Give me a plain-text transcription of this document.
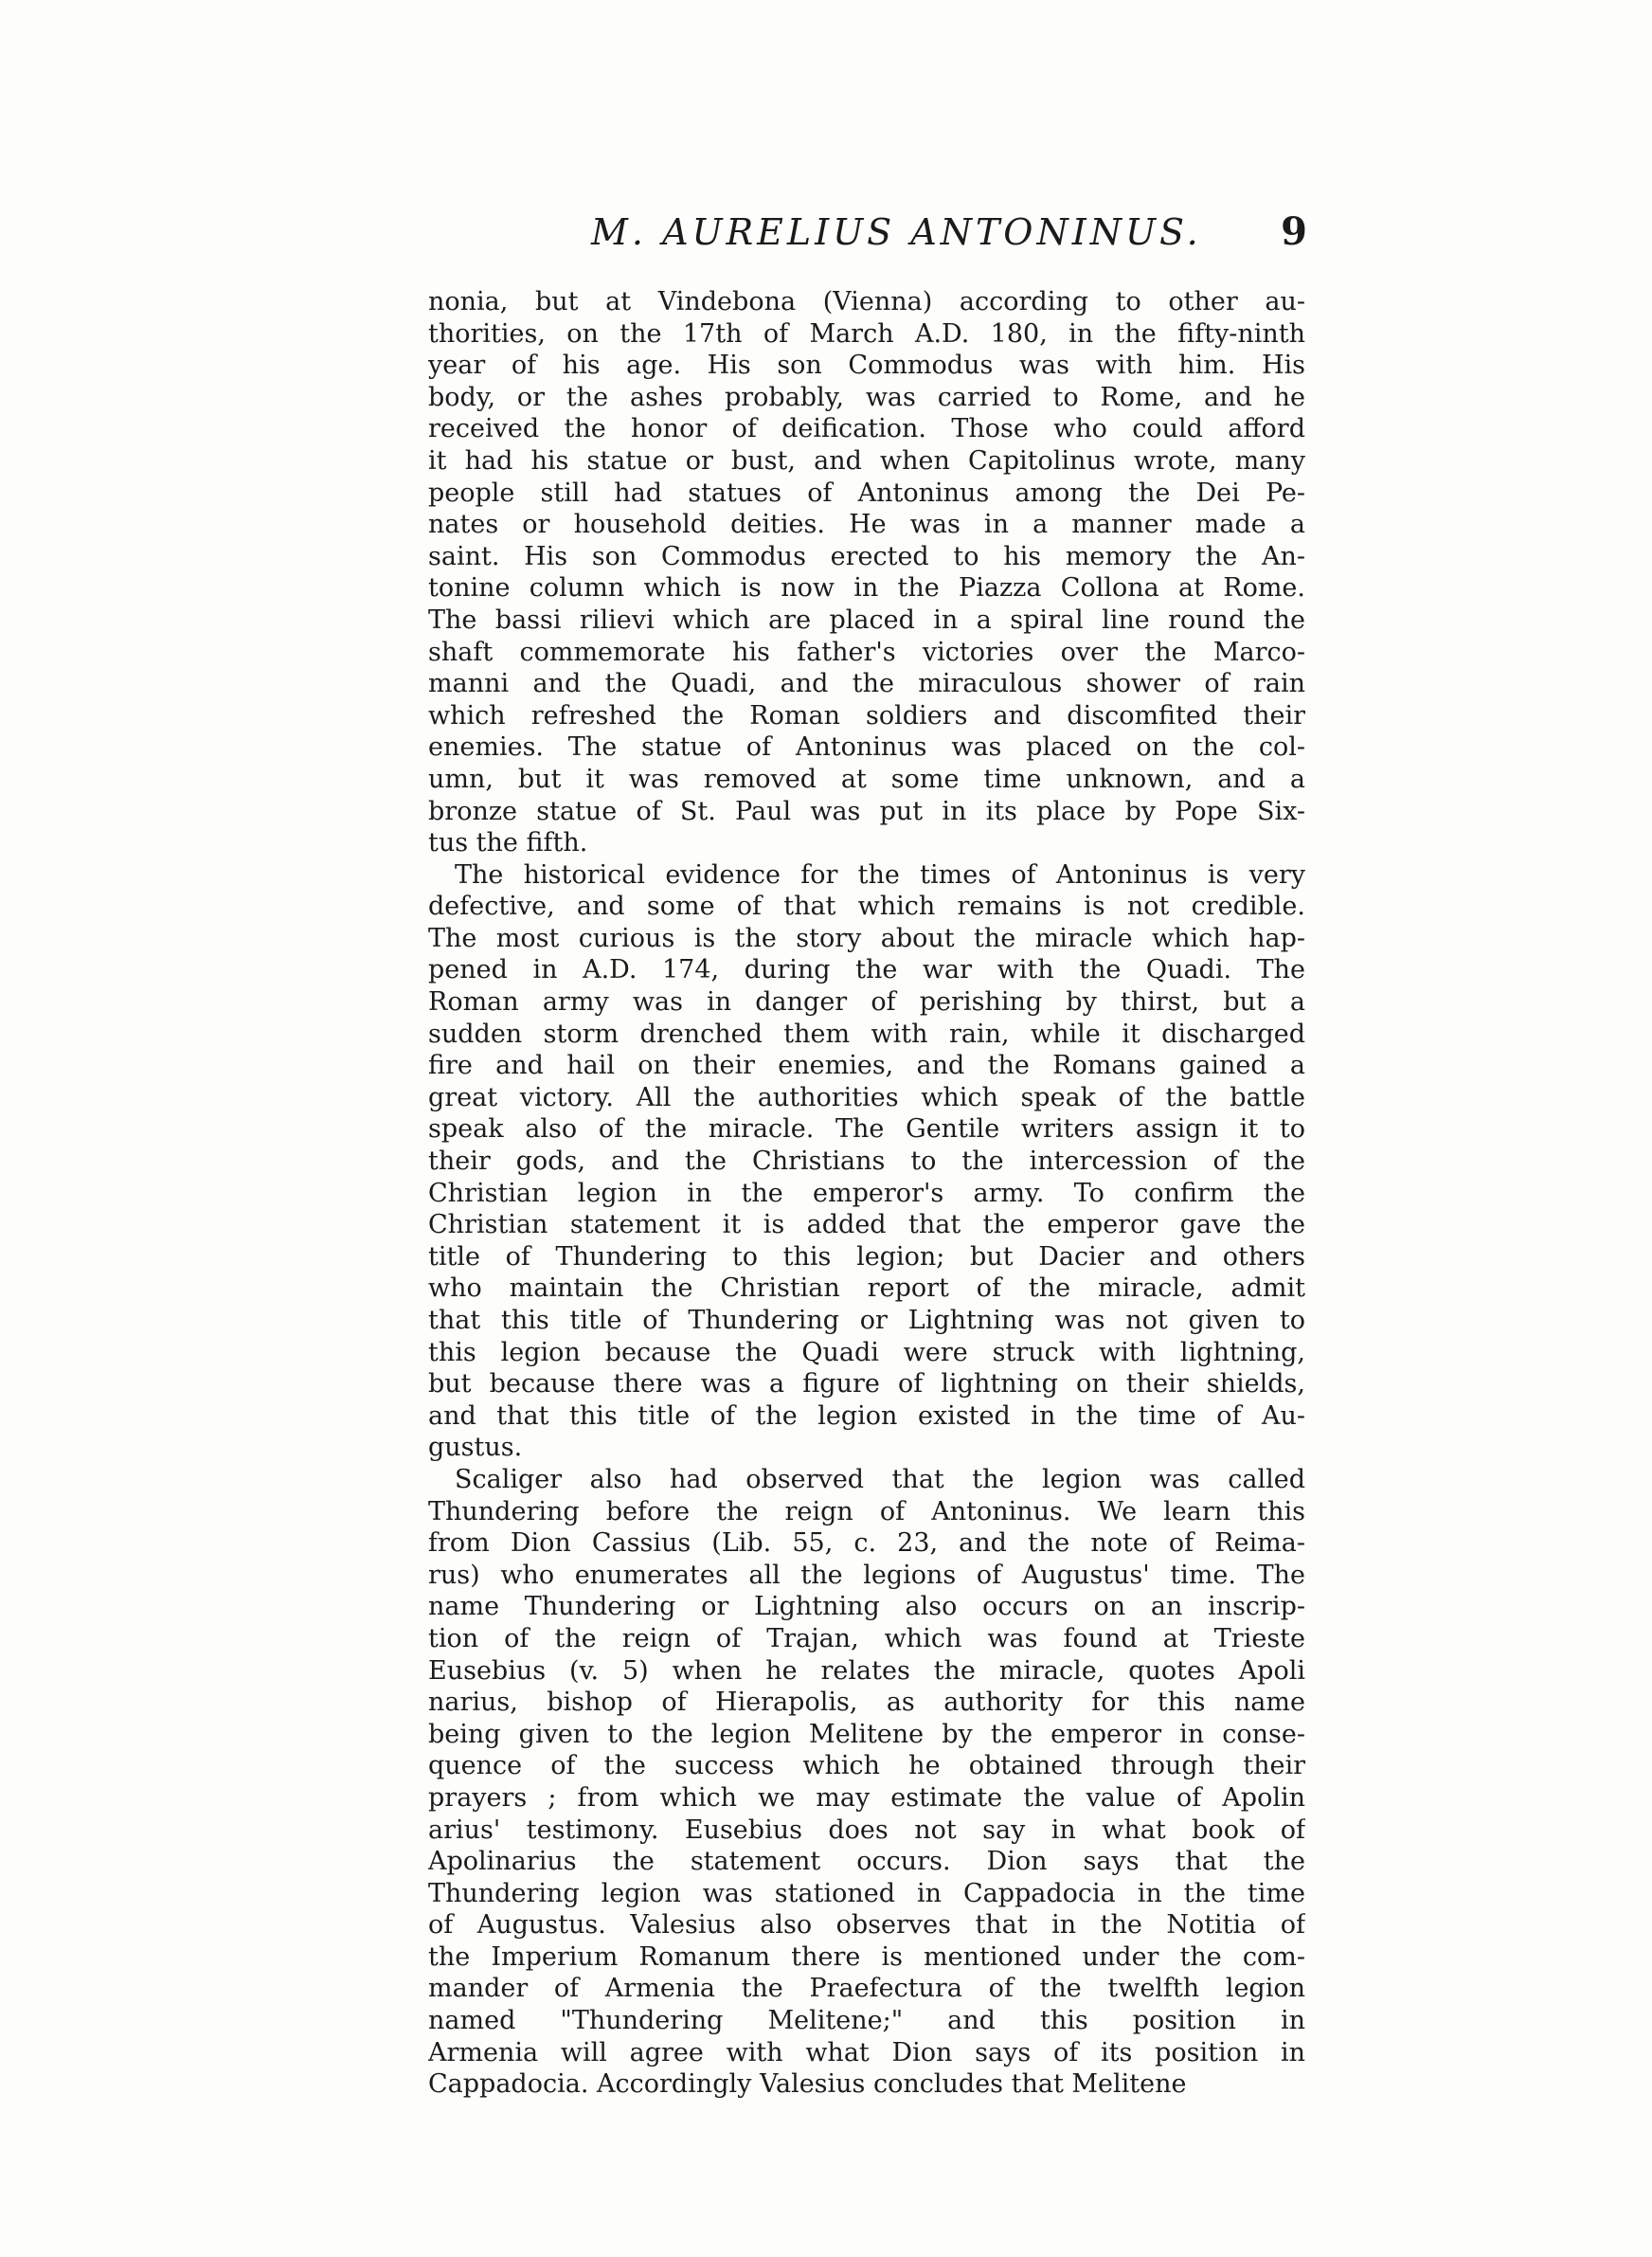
M. AURELIUS ANTONINUS. 9
nonia, but at Vindebona (Vienna) according to other au-
thorities, on the 17th of March A.D. 180, in the fifty-ninth
year of his age. His son Commodus was with him. His
body, or the ashes probably, was carried to Rome, and he
received the honor of deification. Those who could afford
it had his statue or bust, and when Capitolinus wrote, many
people still had statues of Antoninus among the Dei Pe-
nates or household deities. He was in a manner made a
saint. His son Commodus erected to his memory the An-
tonine column which is now in the Piazza Collona at Rome.
The bassi rilievi which are placed in a spiral line round the
shaft commemorate his father's victories over the Marco-
manni and the Quadi, and the miraculous shower of rain
which refreshed the Roman soldiers and discomfited their
enemies. The statue of Antoninus was placed on the col-
umn, but it was removed at some time unknown, and a
bronze statue of St. Paul was put in its place by Pope Six-
tus the fifth.
The historical evidence for the times of Antoninus is very
defective, and some of that which remains is not credible.
The most curious is the story about the miracle which hap-
pened in A.D. 174, during the war with the Quadi. The
Roman army was in danger of perishing by thirst, but a
sudden storm drenched them with rain, while it discharged
fire and hail on their enemies, and the Romans gained a
great victory. All the authorities which speak of the battle
speak also of the miracle. The Gentile writers assign it to
their gods, and the Christians to the intercession of the
Christian legion in the emperor's army. To confirm the
Christian statement it is added that the emperor gave the
title of Thundering to this legion; but Dacier and others
who maintain the Christian report of the miracle, admit
that this title of Thundering or Lightning was not given to
this legion because the Quadi were struck with lightning,
but because there was a figure of lightning on their shields,
and that this title of the legion existed in the time of Au-
gustus.
Scaliger also had observed that the legion was called
Thundering before the reign of Antoninus. We learn this
from Dion Cassius (Lib. 55, c. 23, and the note of Reima-
rus) who enumerates all the legions of Augustus' time. The
name Thundering or Lightning also occurs on an inscrip-
tion of the reign of Trajan, which was found at Trieste
Eusebius (v. 5) when he relates the miracle, quotes Apoli
narius, bishop of Hierapolis, as authority for this name
being given to the legion Melitene by the emperor in conse-
quence of the success which he obtained through their
prayers ; from which we may estimate the value of Apolin
arius' testimony. Eusebius does not say in what book of
Apolinarius the statement occurs. Dion says that the
Thundering legion was stationed in Cappadocia in the time
of Augustus. Valesius also observes that in the Notitia of
the Imperium Romanum there is mentioned under the com-
mander of Armenia the Praefectura of the twelfth legion
named "Thundering Melitene;" and this position in
Armenia will agree with what Dion says of its position in
Cappadocia. Accordingly Valesius concludes that Melitene
